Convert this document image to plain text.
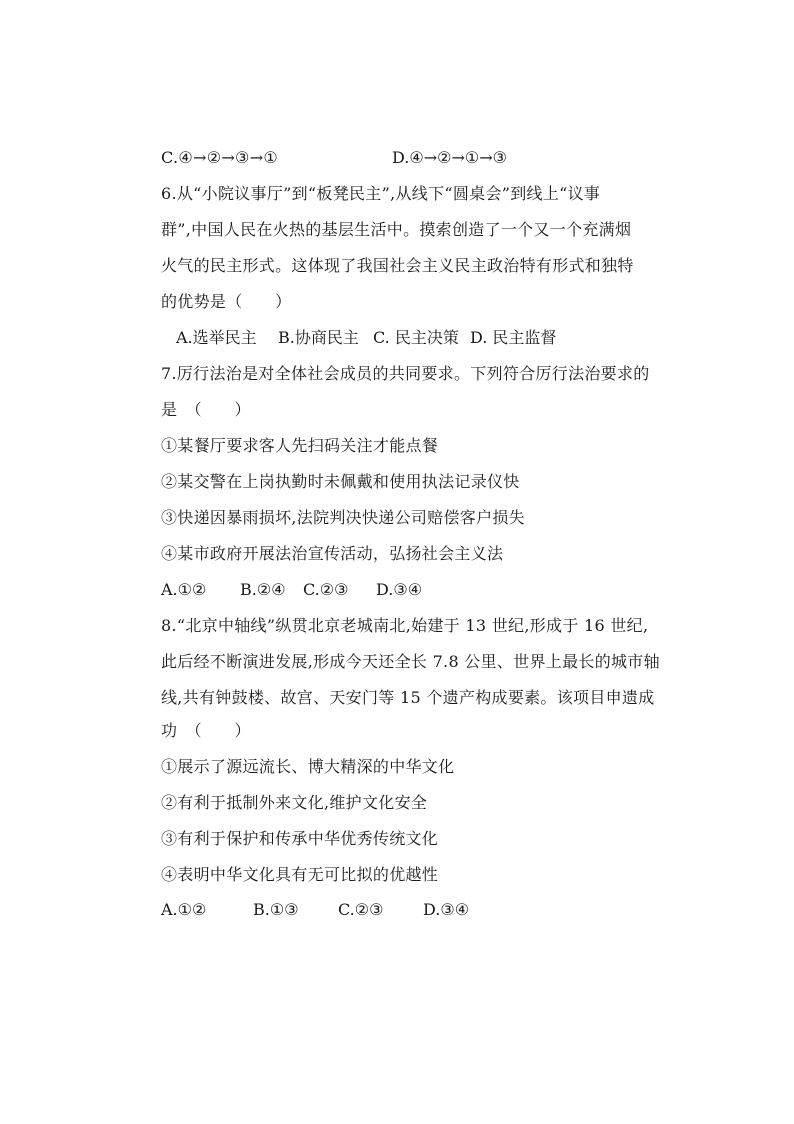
C.④→②→③→①	D.④→②→①→③
6.从“小院议事厅”到“板凳民主”,从线下“圆桌会”到线上“议事
群”,中国人民在火热的基层生活中。摸索创造了一个又一个充满烟
火气的民主形式。这体现了我国社会主义民主政治特有形式和独特
的优势是（　　）
A.选举民主 B.协商民主 C. 民主决策 D. 民主监督
7.厉行法治是对全体社会成员的共同要求。下列符合厉行法治要求的
是　（　　）
①某餐厅要求客人先扫码关注才能点餐
②某交警在上岗执勤时未佩戴和使用执法记录仪快
③快递因暴雨损坏,法院判决快递公司赔偿客户损失
④某市政府开展法治宣传活动，弘扬社会主义法
A.①② B.②④ C.②③ D.③④
8.“北京中轴线”纵贯北京老城南北,始建于 13 世纪,形成于 16 世纪,
此后经不断演进发展,形成今天还全长 7.8 公里、世界上最长的城市轴
线,共有钟鼓楼、故宫、天安门等 15 个遗产构成要素。该项目申遗成
功　（　　）
①展示了源远流长、博大精深的中华文化
②有利于抵制外来文化,维护文化安全
③有利于保护和传承中华优秀传统文化
④表明中华文化具有无可比拟的优越性
A.①②	B.①③ C.②③ D.③④
